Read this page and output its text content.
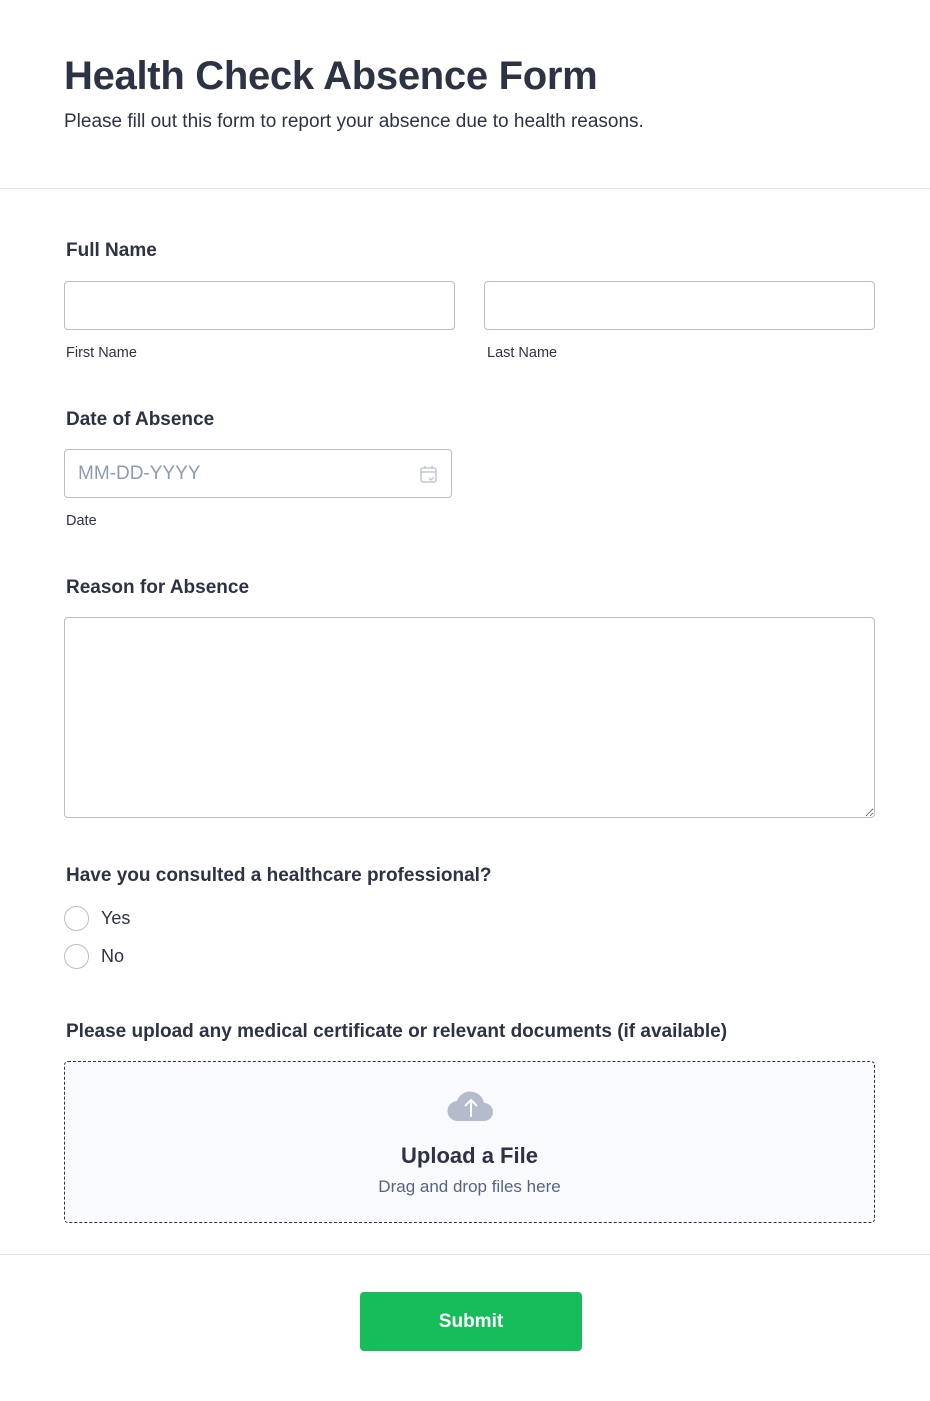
Health Check Absence Form
Please fill out this form to report your absence due to health reasons.
Full Name
First Name	Last Name
Date of Absence
MM-DD-YYYY
Date
Reason for Absence
Have you consulted a healthcare professional?
Yes
No
Please upload any medical certificate or relevant documents (if available)
Upload a File
Drag and drop files here
Submit
